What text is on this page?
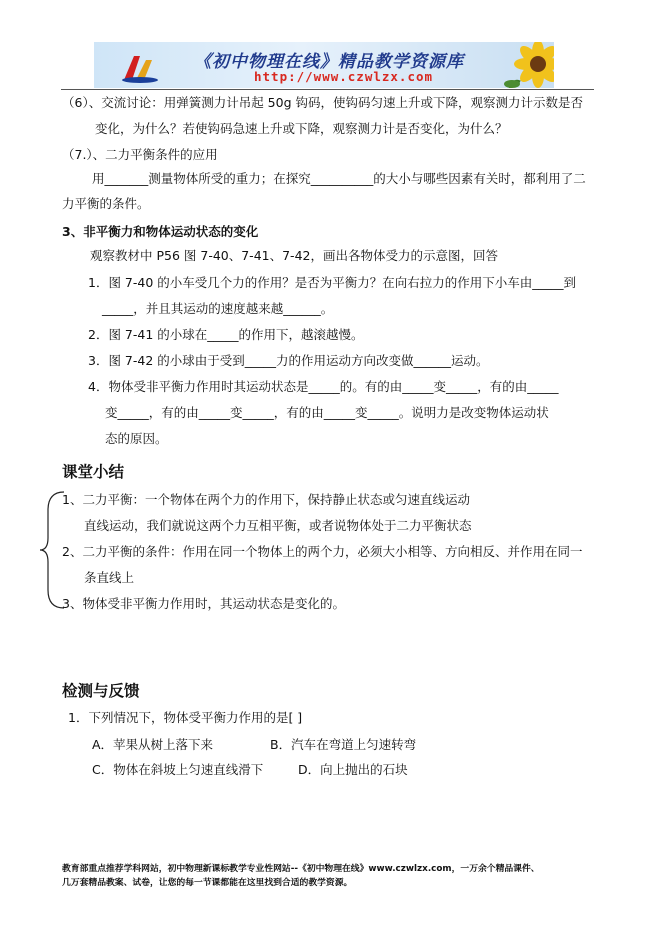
《初中物理在线》精品教学资源库
http://www.czwlzx.com
（6）、交流讨论：用弹簧测力计吊起 50g 钩码，使钩码匀速上升或下降，观察测力计示数是否
变化，为什么？若使钩码急速上升或下降，观察测力计是否变化，为什么？
（7.）、二力平衡条件的应用
用_______测量物体所受的重力；在探究__________的大小与哪些因素有关时，都利用了二
力平衡的条件。
3、非平衡力和物体运动状态的变化
观察教材中 P56 图 7-40、7-41、7-42，画出各物体受力的示意图，回答
1．图 7-40 的小车受几个力的作用？是否为平衡力？在向右拉力的作用下小车由_____到
_____，并且其运动的速度越来越______。
2．图 7-41 的小球在_____的作用下，越滚越慢。
3．图 7-42 的小球由于受到_____力的作用运动方向改变做______运动。
4．物体受非平衡力作用时其运动状态是_____的。有的由_____变_____，有的由_____
变_____，有的由_____变_____，有的由_____变_____。说明力是改变物体运动状
态的原因。
课堂小结
1、二力平衡：一个物体在两个力的作用下，保持静止状态或匀速直线运动
直线运动，我们就说这两个力互相平衡，或者说物体处于二力平衡状态
2、二力平衡的条件：作用在同一个物体上的两个力，必须大小相等、方向相反、并作用在同一
条直线上
3、物体受非平衡力作用时，其运动状态是变化的。
检测与反馈
1．下列情况下，物体受平衡力作用的是[ ]
A．苹果从树上落下来	B．汽车在弯道上匀速转弯
C．物体在斜坡上匀速直线滑下	D．向上抛出的石块
教育部重点推荐学科网站，初中物理新课标教学专业性网站--《初中物理在线》www.czwlzx.com，一万余个精品课件、
几万套精品教案、试卷，让您的每一节课都能在这里找到合适的教学资源。
